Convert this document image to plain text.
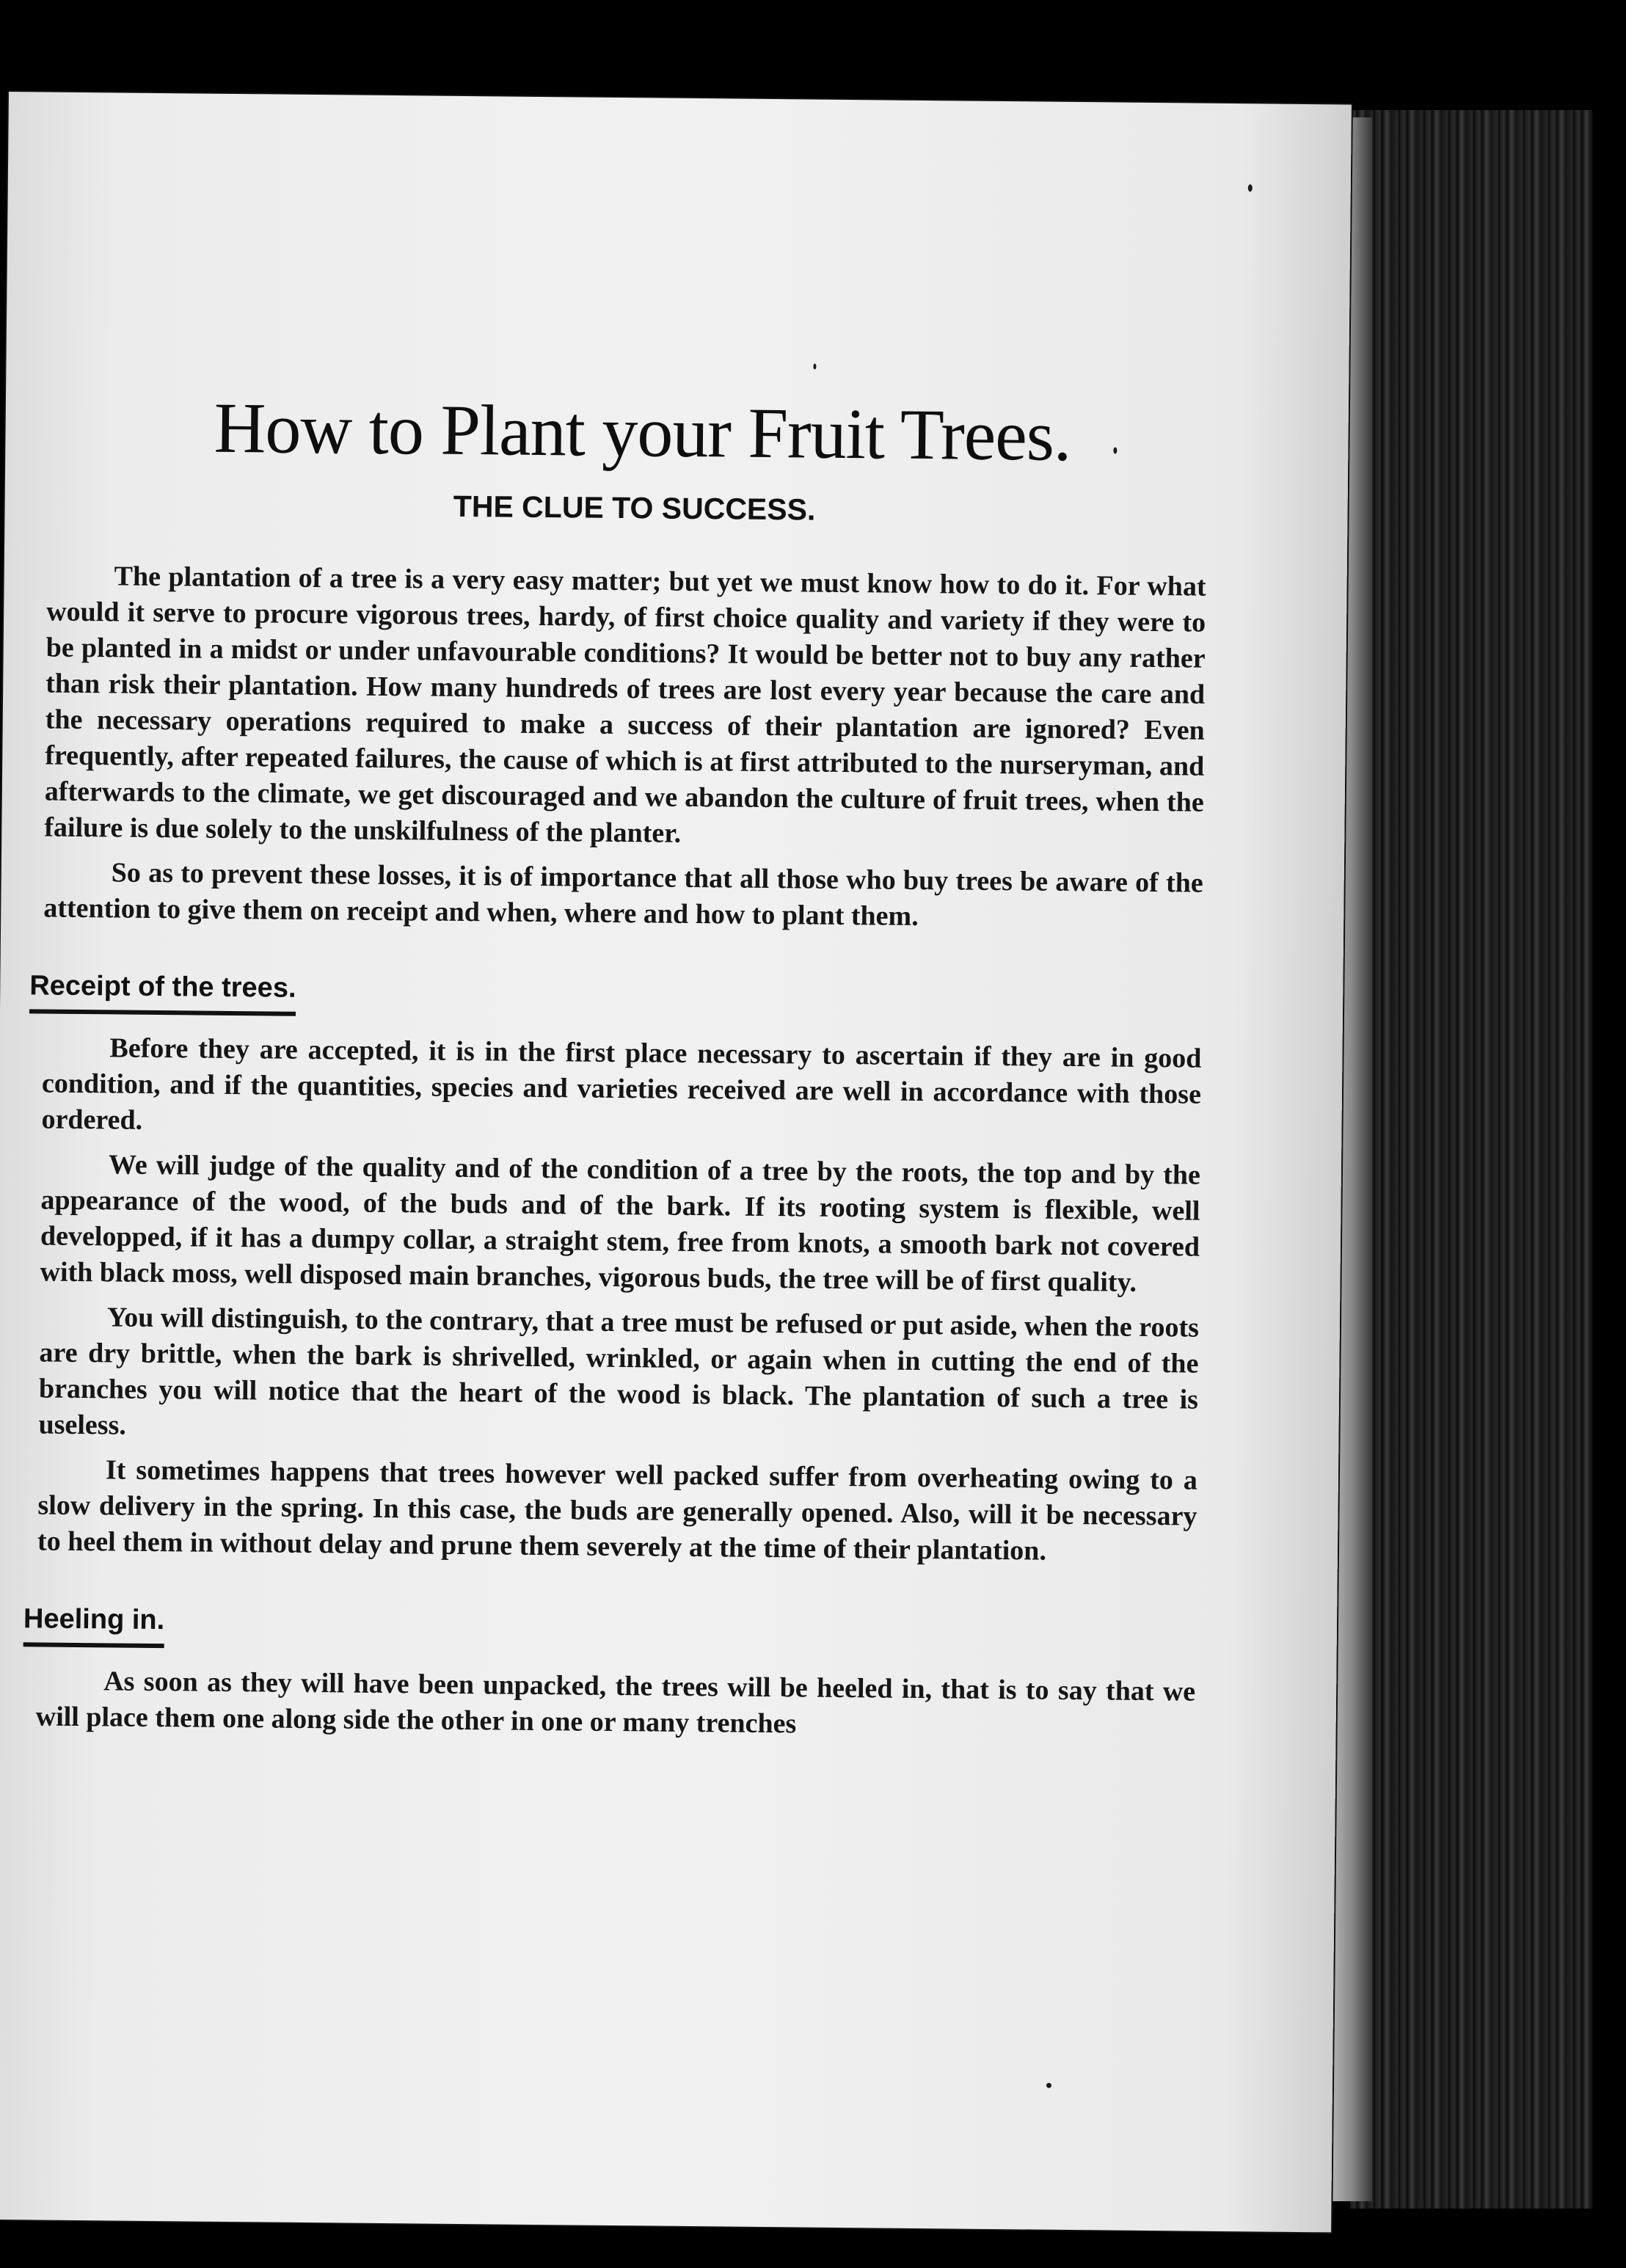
How to Plant your Fruit Trees.
THE CLUE TO SUCCESS.

The plantation of a tree is a very easy matter; but yet we must know how to do it. For what would it serve to procure vigorous trees, hardy, of first choice quality and variety if they were to be planted in a midst or under unfavourable conditions? It would be better not to buy any rather than risk their plantation. How many hundreds of trees are lost every year because the care and the necessary operations required to make a success of their plantation are ignored? Even frequently, after repeated failures, the cause of which is at first attributed to the nurseryman, and afterwards to the climate, we get discouraged and we abandon the culture of fruit trees, when the failure is due solely to the unskilfulness of the planter.

So as to prevent these losses, it is of importance that all those who buy trees be aware of the attention to give them on receipt and when, where and how to plant them.

Receipt of the trees.

Before they are accepted, it is in the first place necessary to ascertain if they are in good condition, and if the quantities, species and varieties received are well in accordance with those ordered.

We will judge of the quality and of the condition of a tree by the roots, the top and by the appearance of the wood, of the buds and of the bark. If its rooting system is flexible, well developped, if it has a dumpy collar, a straight stem, free from knots, a smooth bark not covered with black moss, well disposed main branches, vigorous buds, the tree will be of first quality.

You will distinguish, to the contrary, that a tree must be refused or put aside, when the roots are dry brittle, when the bark is shrivelled, wrinkled, or again when in cutting the end of the branches you will notice that the heart of the wood is black. The plantation of such a tree is useless.

It sometimes happens that trees however well packed suffer from overheating owing to a slow delivery in the spring. In this case, the buds are generally opened. Also, will it be necessary to heel them in without delay and prune them severely at the time of their plantation.

Heeling in.

As soon as they will have been unpacked, the trees will be heeled in, that is to say that we will place them one along side the other in one or many trenches
